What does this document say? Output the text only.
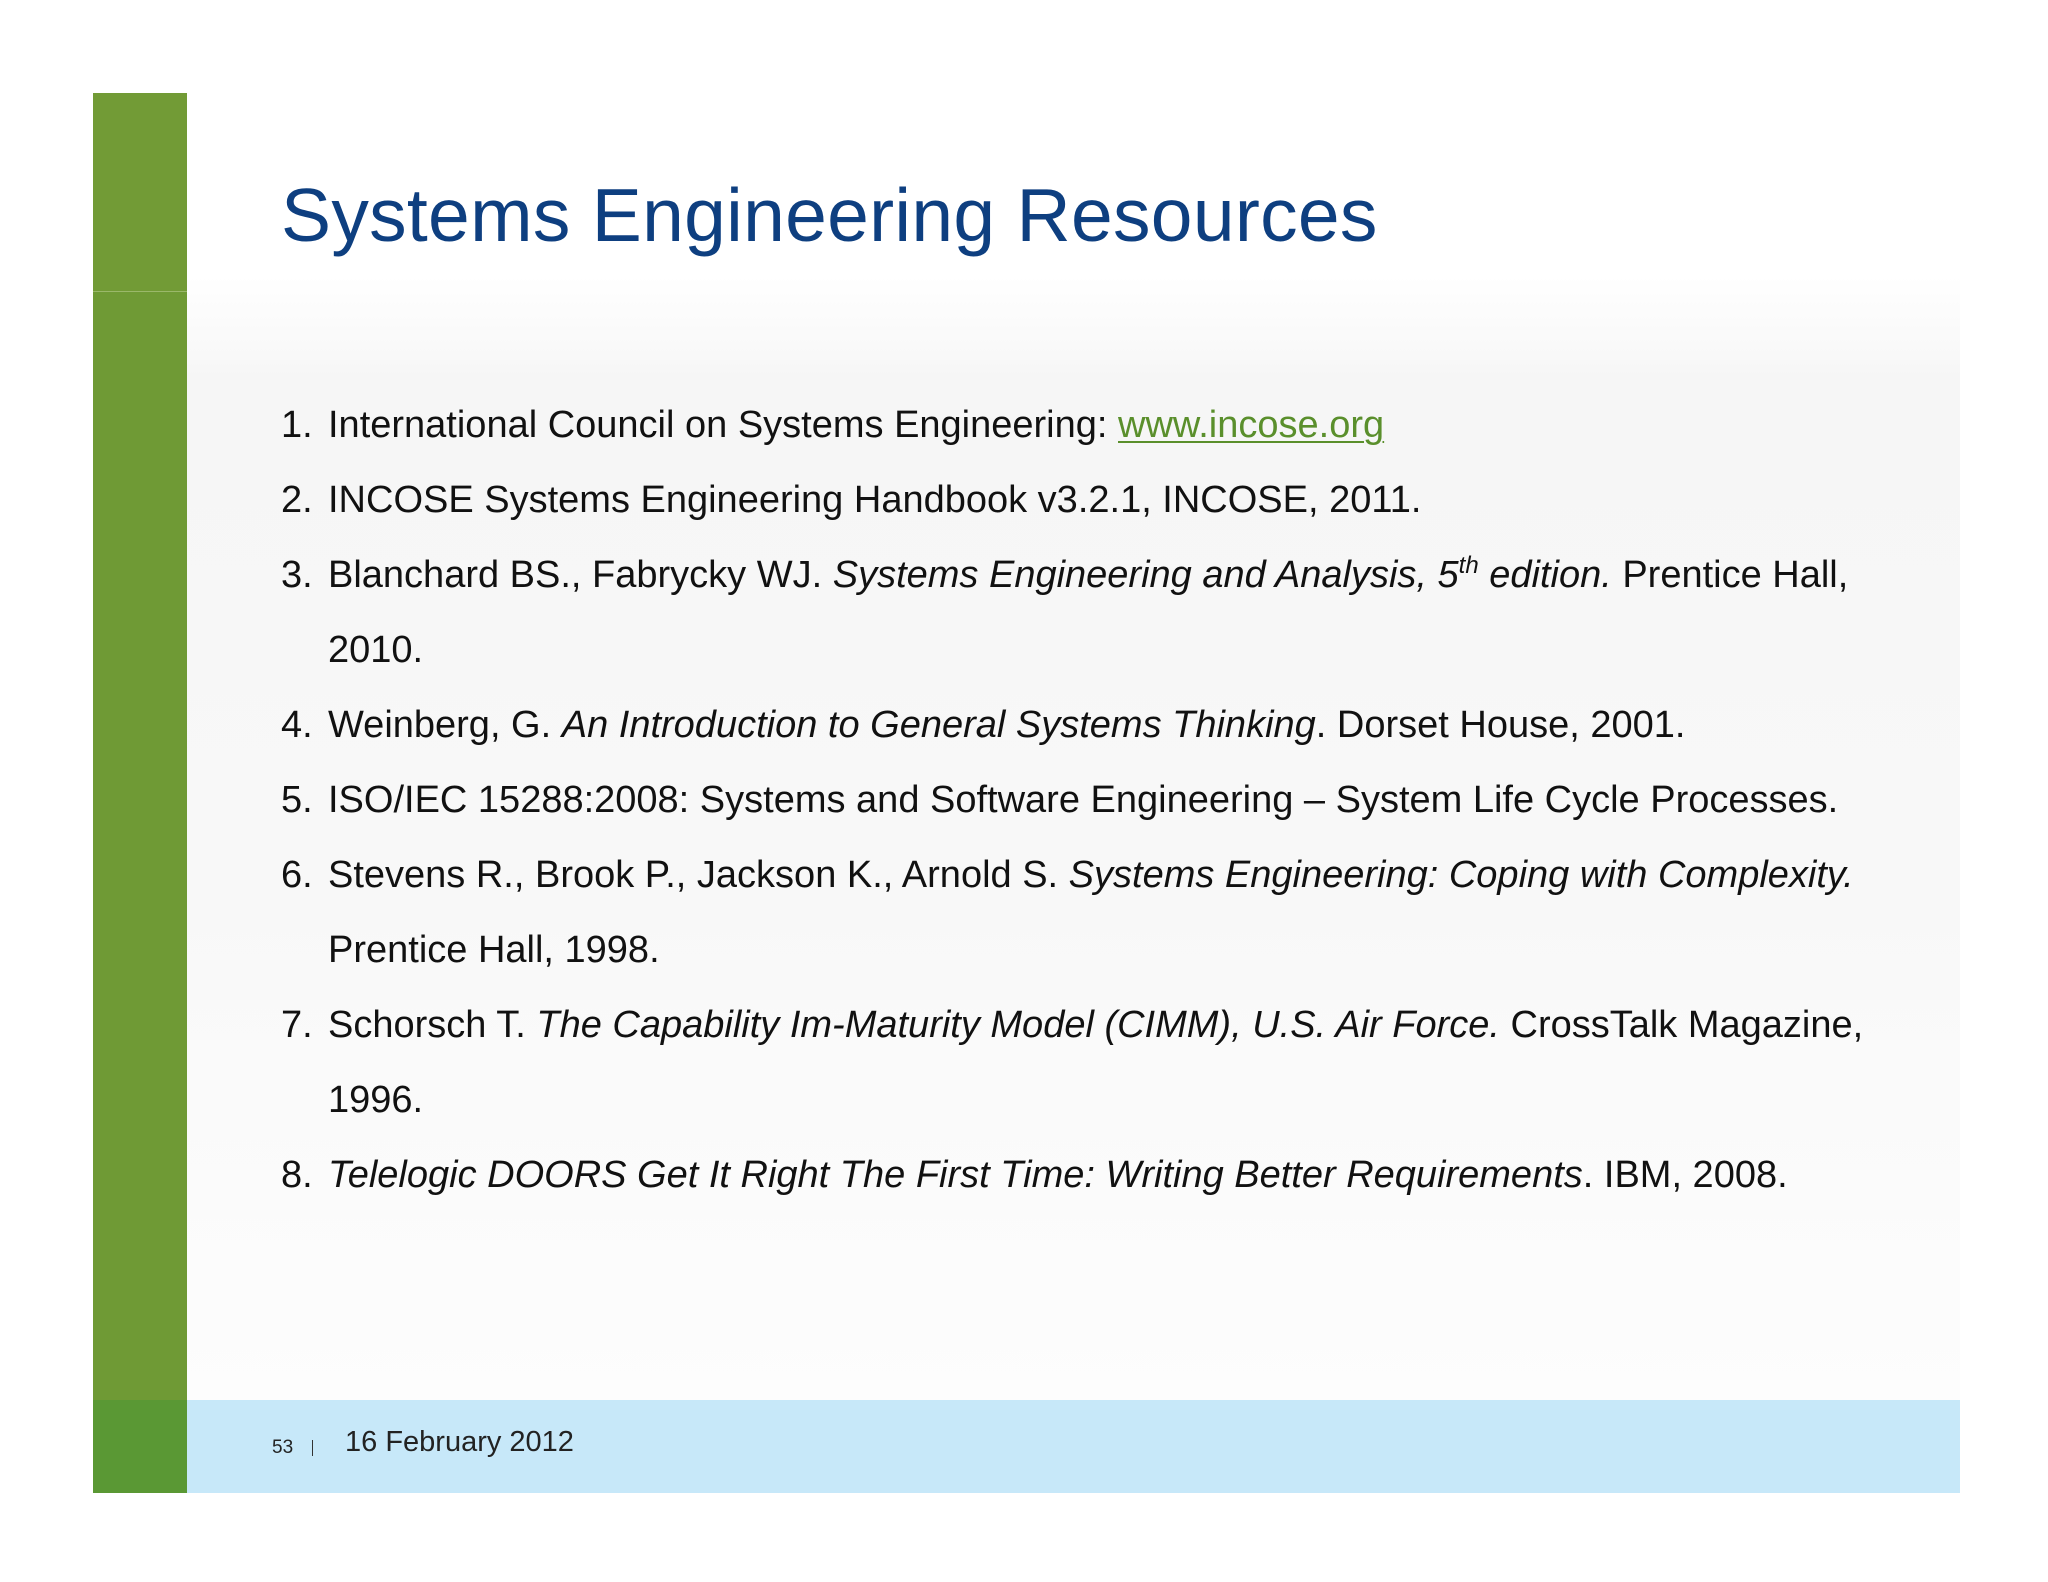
Systems Engineering Resources
1. International Council on Systems Engineering: www.incose.org
2. INCOSE Systems Engineering Handbook v3.2.1, INCOSE, 2011.
3. Blanchard BS., Fabrycky WJ. Systems Engineering and Analysis, 5th edition. Prentice Hall, 2010.
4. Weinberg, G. An Introduction to General Systems Thinking. Dorset House, 2001.
5. ISO/IEC 15288:2008: Systems and Software Engineering – System Life Cycle Processes.
6. Stevens R., Brook P., Jackson K., Arnold S. Systems Engineering: Coping with Complexity. Prentice Hall, 1998.
7. Schorsch T. The Capability Im-Maturity Model (CIMM), U.S. Air Force. CrossTalk Magazine, 1996.
8. Telelogic DOORS Get It Right The First Time: Writing Better Requirements. IBM, 2008.
53 16 February 2012
